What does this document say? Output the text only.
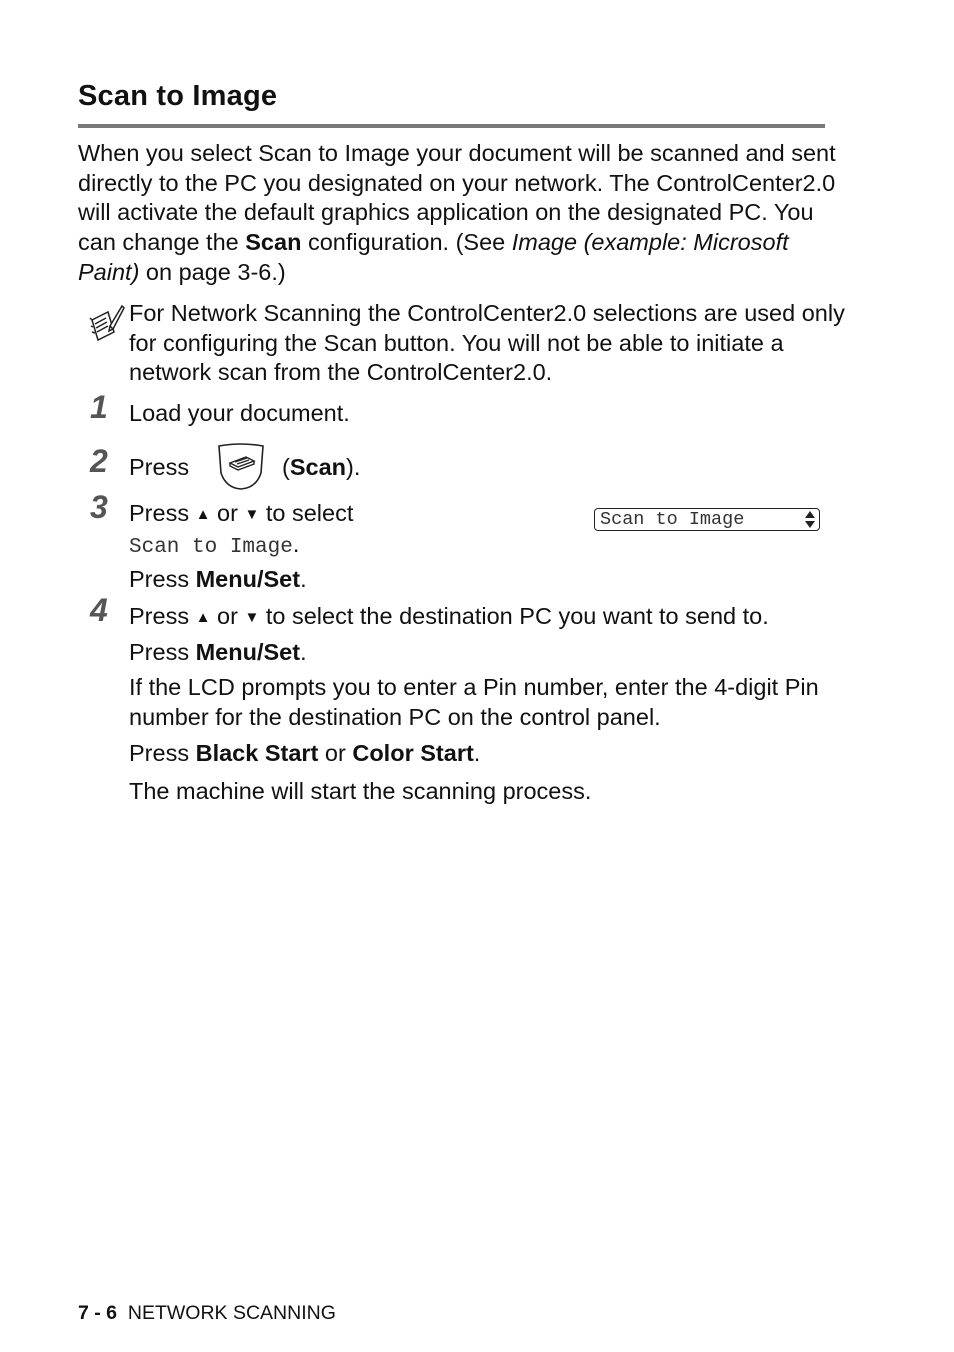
Scan to Image
When you select Scan to Image your document will be scanned and sent directly to the PC you designated on your network. The ControlCenter2.0 will activate the default graphics application on the designated PC. You can change the Scan configuration. (See Image (example: Microsoft Paint) on page 3-6.)
For Network Scanning the ControlCenter2.0 selections are used only for configuring the Scan button. You will not be able to initiate a network scan from the ControlCenter2.0.
1 Load your document.
2 Press	(Scan).
3 Press ▲ or ▼ to select
Scan to Image.
Press Menu/Set.
Scan to Image
4 Press ▲ or ▼ to select the destination PC you want to send to.
Press Menu/Set.
If the LCD prompts you to enter a Pin number, enter the 4-digit Pin number for the destination PC on the control panel.
Press Black Start or Color Start.
The machine will start the scanning process.
7 - 6 NETWORK SCANNING
